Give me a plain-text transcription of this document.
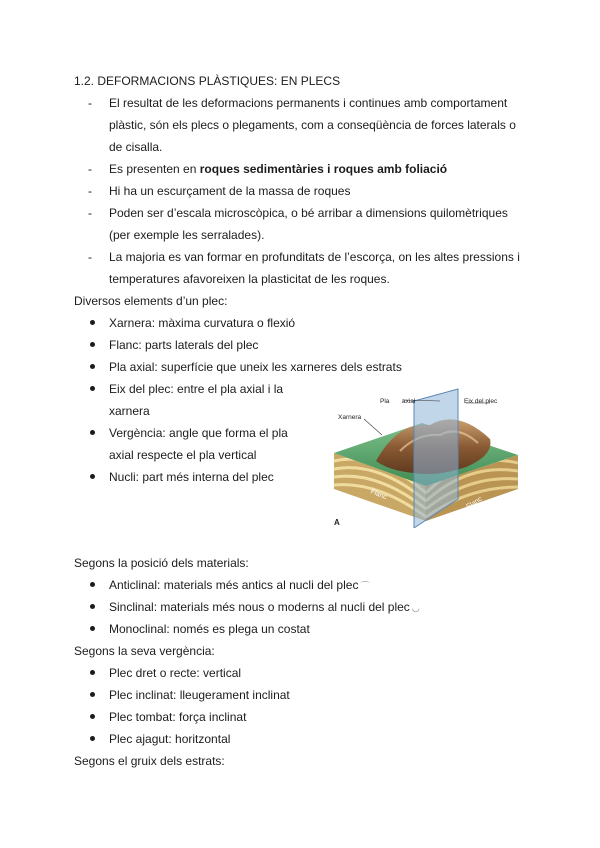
1.2. DEFORMACIONS PLÀSTIQUES: EN PLECS
- El resultat de les deformacions permanents i continues amb comportament
plàstic, són els plecs o plegaments, com a conseqüència de forces laterals o
de cisalla.
- Es presenten en roques sedimentàries i roques amb foliació
- Hi ha un escurçament de la massa de roques
- Poden ser d’escala microscòpica, o bé arribar a dimensions quilomètriques
(per exemple les serralades).
- La majoria es van formar en profunditats de l’escorça, on les altes pressions i
temperatures afavoreixen la plasticitat de les roques.
Diversos elements d’un plec:
Xarnera: màxima curvatura o flexió
Flanc: parts laterals del plec
Pla axial: superfície que uneix les xarneres dels estrats
Eix del plec: entre el pla axial i la
xarnera
Vergència: angle que forma el pla
axial respecte el pla vertical
Nucli: part més interna del plec
Pla axial	Eix del plec
Xarnera
Flanc
Flanc
A
Segons la posició dels materials:
Anticlinal: materials més antics al nucli del plec ⌒
Sinclinal: materials més nous o moderns al nucli del plec ◡
Monoclinal: només es plega un costat
Segons la seva vergència:
Plec dret o recte: vertical
Plec inclinat: lleugerament inclinat
Plec tombat: força inclinat
Plec ajagut: horitzontal
Segons el gruix dels estrats:
